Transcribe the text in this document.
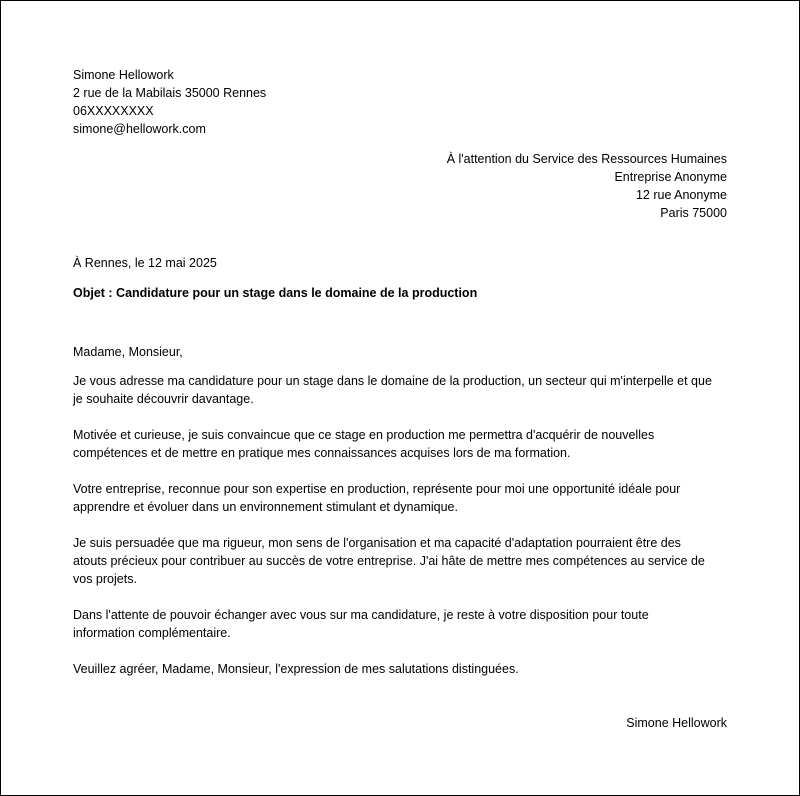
Simone Hellowork
2 rue de la Mabilais 35000 Rennes
06XXXXXXXX
simone@hellowork.com
À l'attention du Service des Ressources Humaines
Entreprise Anonyme
12 rue Anonyme
Paris 75000
À Rennes, le 12 mai 2025
Objet : Candidature pour un stage dans le domaine de la production
Madame, Monsieur,
Je vous adresse ma candidature pour un stage dans le domaine de la production, un secteur qui m'interpelle et que
je souhaite découvrir davantage.
Motivée et curieuse, je suis convaincue que ce stage en production me permettra d'acquérir de nouvelles
compétences et de mettre en pratique mes connaissances acquises lors de ma formation.
Votre entreprise, reconnue pour son expertise en production, représente pour moi une opportunité idéale pour
apprendre et évoluer dans un environnement stimulant et dynamique.
Je suis persuadée que ma rigueur, mon sens de l'organisation et ma capacité d'adaptation pourraient être des
atouts précieux pour contribuer au succès de votre entreprise. J'ai hâte de mettre mes compétences au service de
vos projets.
Dans l'attente de pouvoir échanger avec vous sur ma candidature, je reste à votre disposition pour toute
information complémentaire.
Veuillez agréer, Madame, Monsieur, l'expression de mes salutations distinguées.
Simone Hellowork
